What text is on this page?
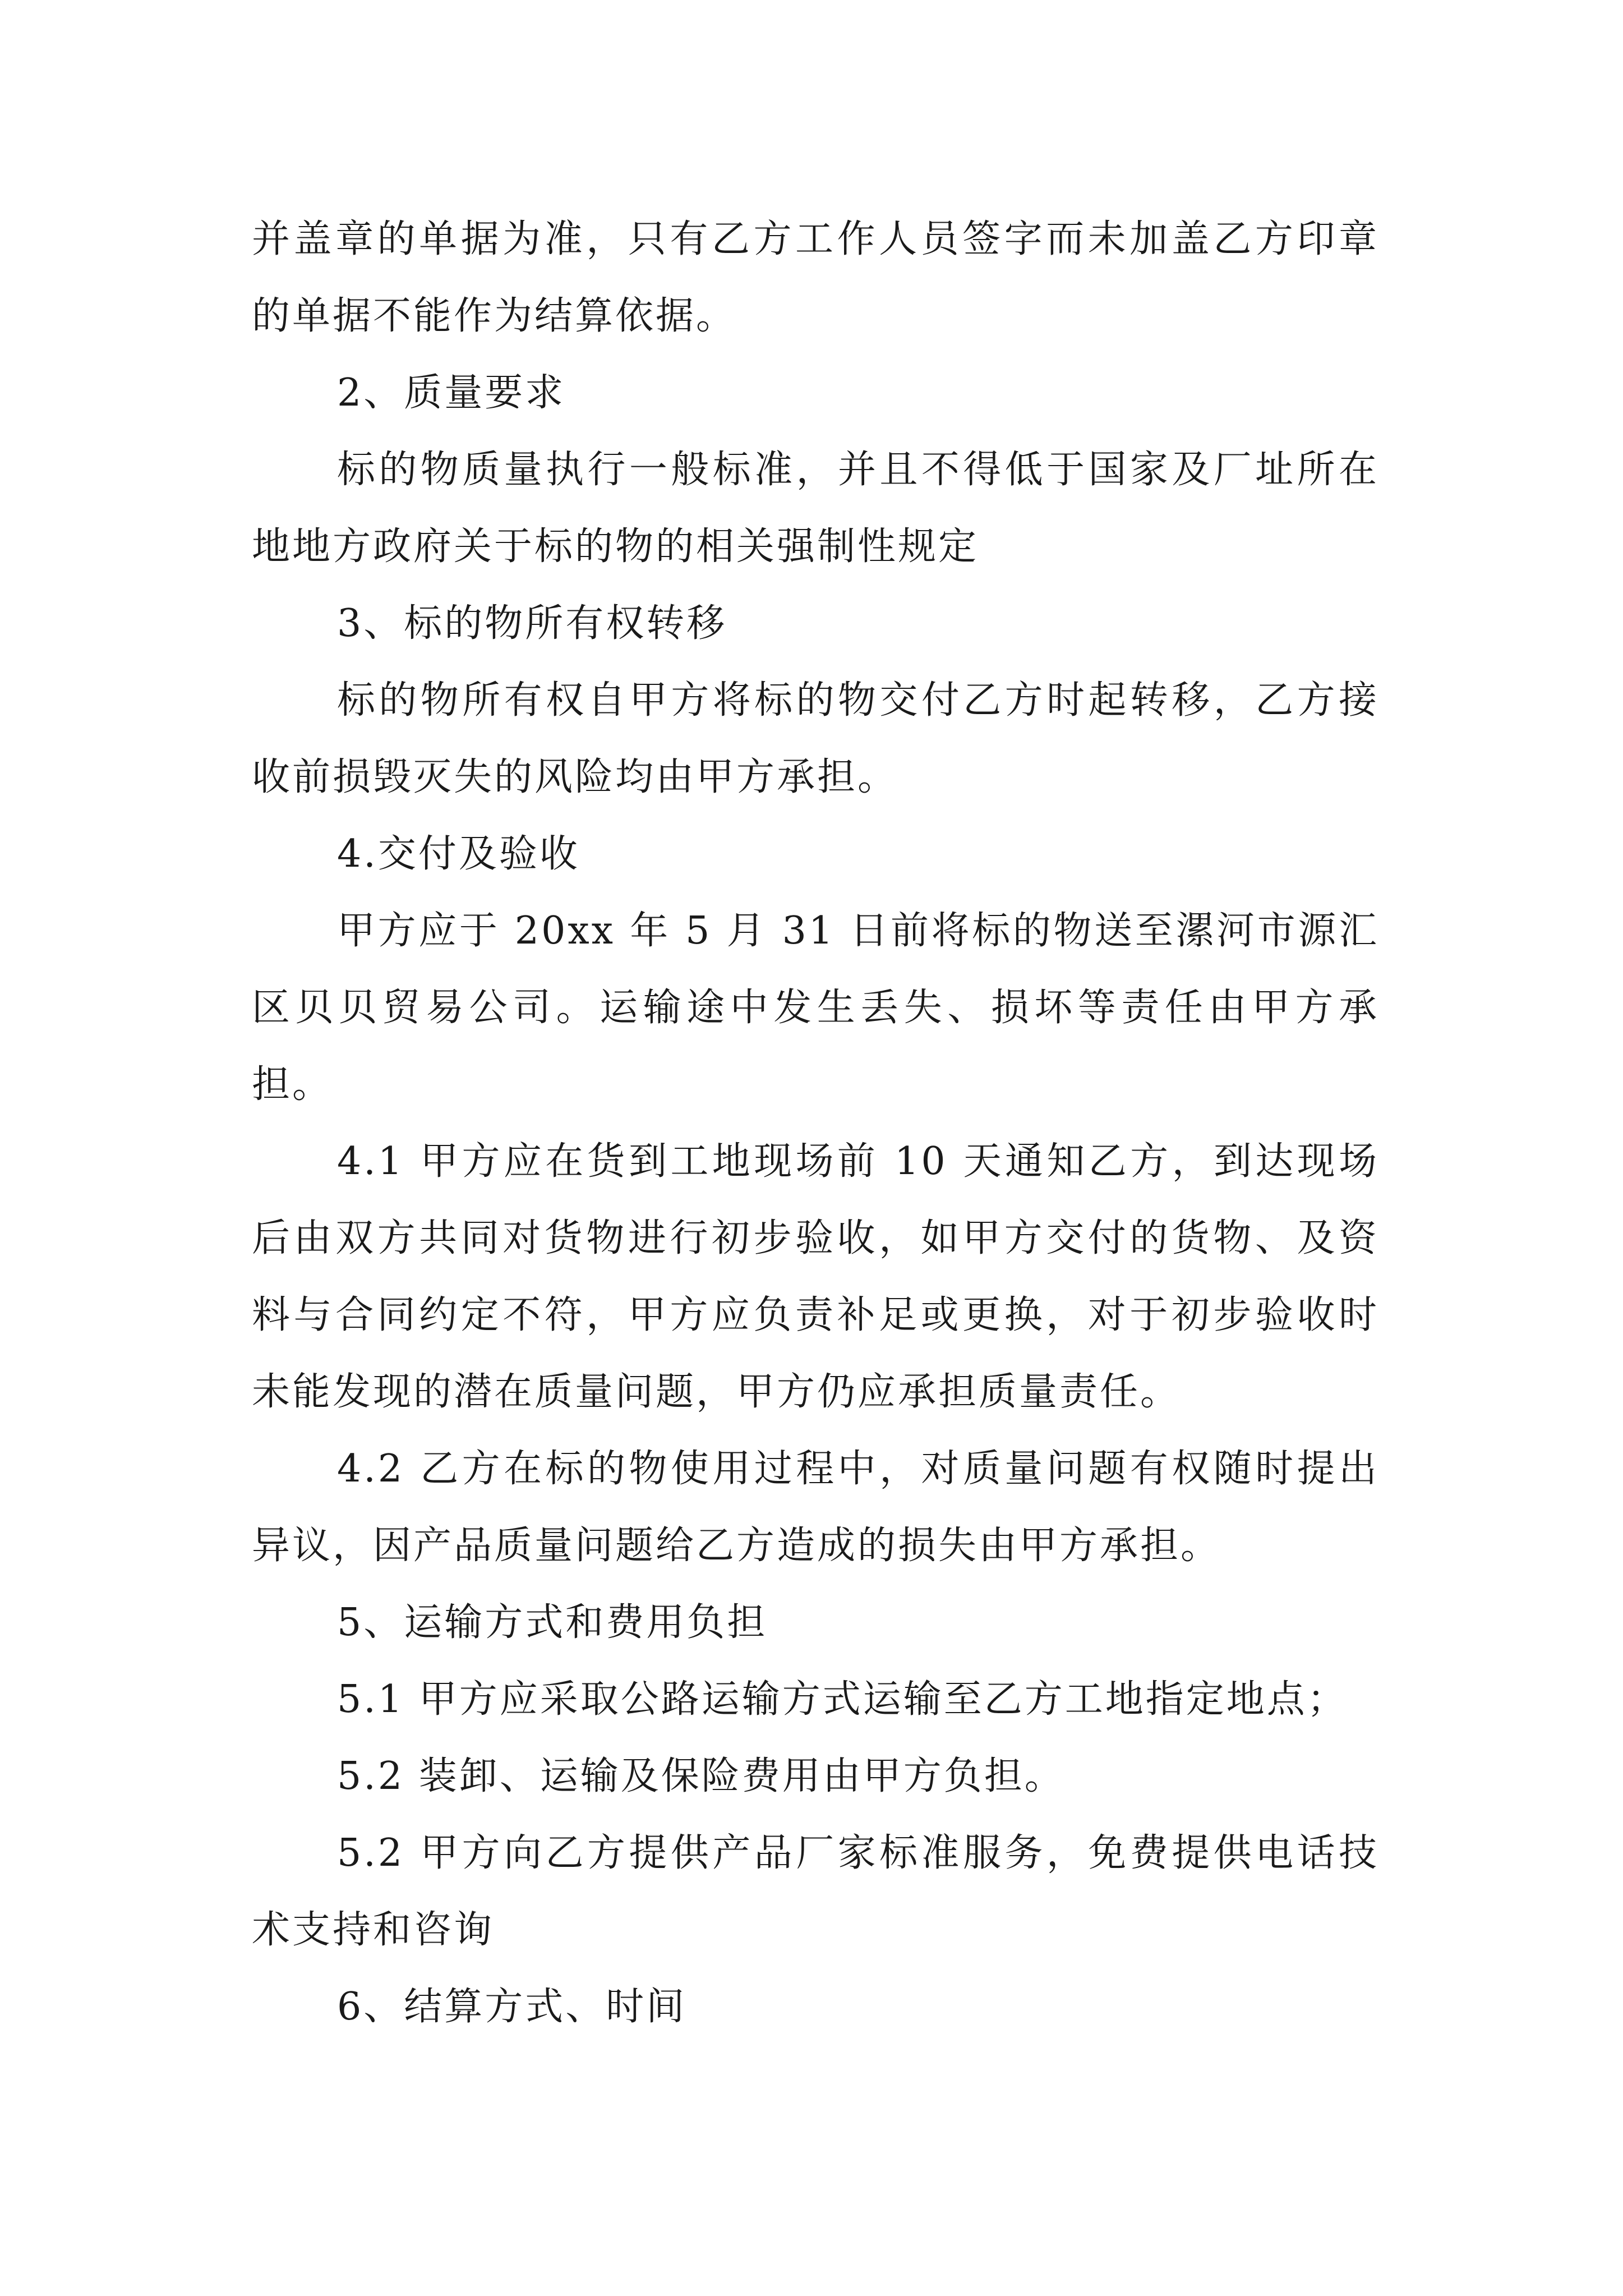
并盖章的单据为准，只有乙方工作人员签字而未加盖乙方印章的单据不能作为结算依据。

2、质量要求

标的物质量执行一般标准，并且不得低于国家及厂址所在地地方政府关于标的物的相关强制性规定

3、标的物所有权转移

标的物所有权自甲方将标的物交付乙方时起转移，乙方接收前损毁灭失的风险均由甲方承担。

4.交付及验收

甲方应于 20xx 年 5 月 31 日前将标的物送至漯河市源汇区贝贝贸易公司。运输途中发生丢失、损坏等责任由甲方承担。

4.1 甲方应在货到工地现场前 10 天通知乙方，到达现场后由双方共同对货物进行初步验收，如甲方交付的货物、及资料与合同约定不符，甲方应负责补足或更换，对于初步验收时未能发现的潜在质量问题，甲方仍应承担质量责任。

4.2 乙方在标的物使用过程中，对质量问题有权随时提出异议，因产品质量问题给乙方造成的损失由甲方承担。

5、运输方式和费用负担

5.1 甲方应采取公路运输方式运输至乙方工地指定地点；

5.2 装卸、运输及保险费用由甲方负担。

5.2 甲方向乙方提供产品厂家标准服务，免费提供电话技术支持和咨询

6、结算方式、时间
